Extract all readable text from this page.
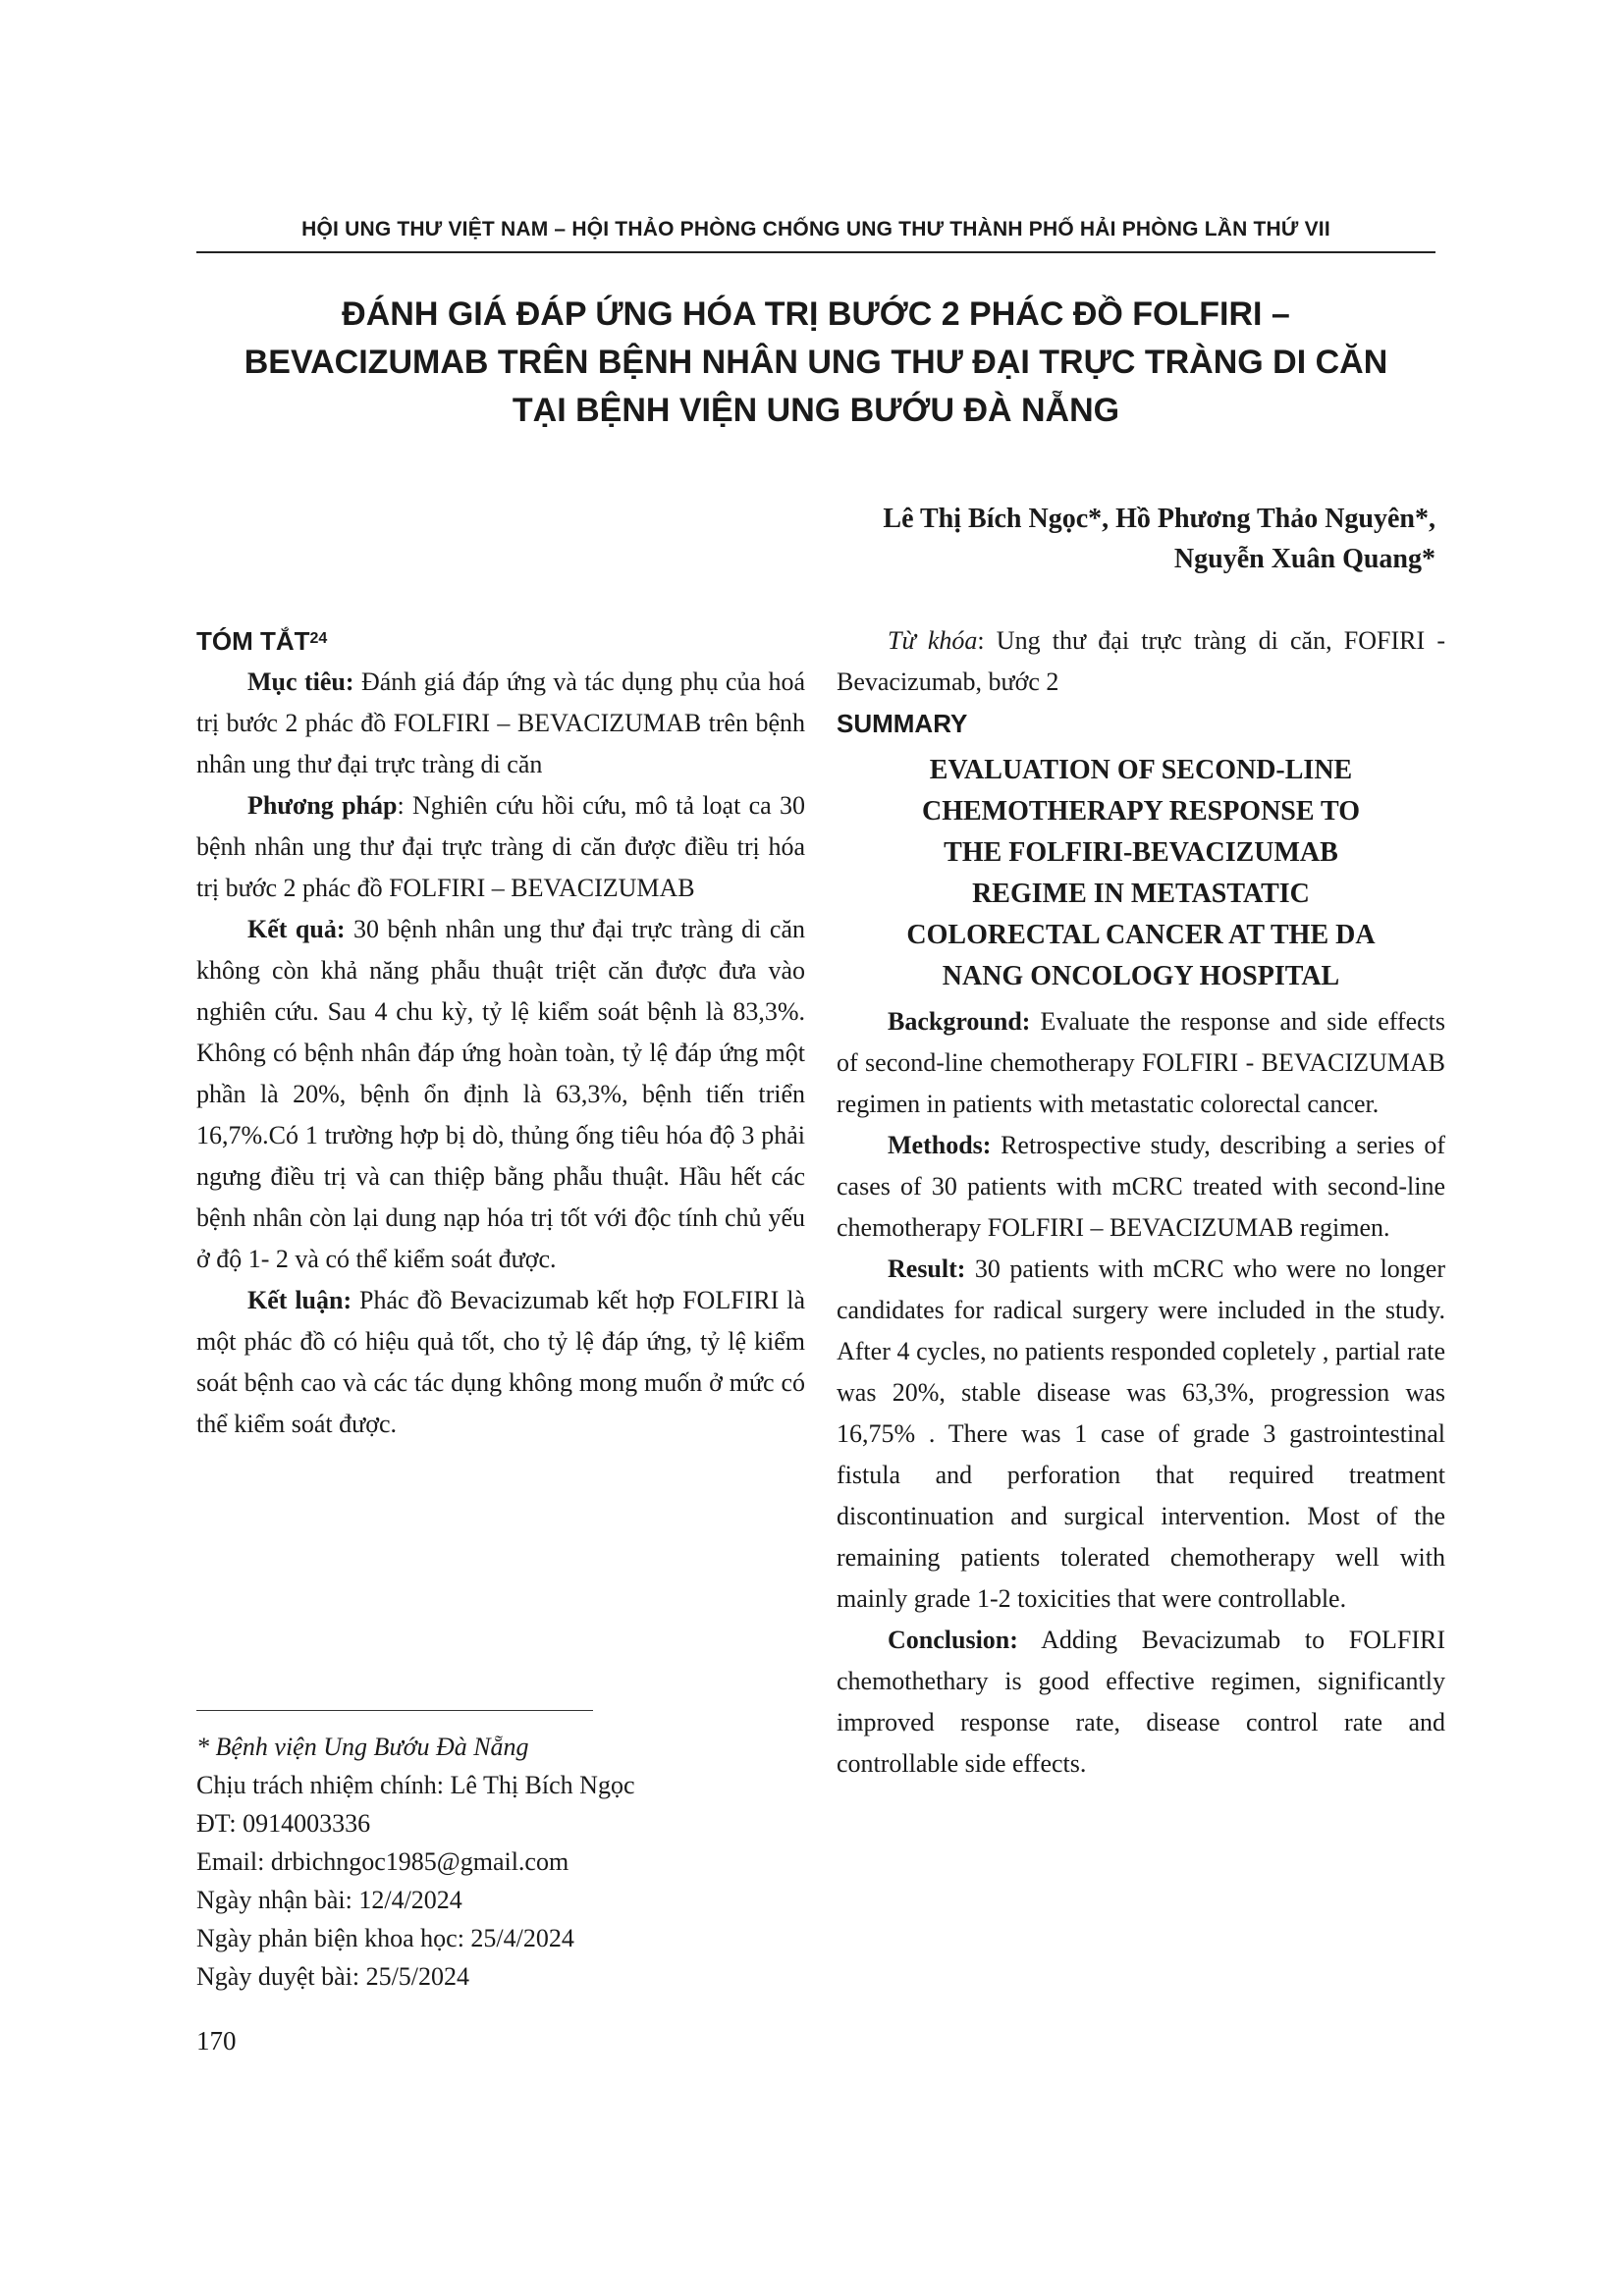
HỘI UNG THƯ VIỆT NAM – HỘI THẢO PHÒNG CHỐNG UNG THƯ THÀNH PHỐ HẢI PHÒNG LẦN THỨ VII
ĐÁNH GIÁ ĐÁP ỨNG HÓA TRỊ BƯỚC 2 PHÁC ĐỒ FOLFIRI –
BEVACIZUMAB TRÊN BỆNH NHÂN UNG THƯ ĐẠI TRỰC TRÀNG DI CĂN
TẠI BỆNH VIỆN UNG BƯỚU ĐÀ NẴNG
Lê Thị Bích Ngọc*, Hồ Phương Thảo Nguyên*,
Nguyễn Xuân Quang*
TÓM TẮT$^{24}$

Mục tiêu: Đánh giá đáp ứng và tác dụng phụ của hoá trị bước 2 phác đồ FOLFIRI – BEVACIZUMAB trên bệnh nhân ung thư đại trực tràng di căn

Phương pháp: Nghiên cứu hồi cứu, mô tả loạt ca 30 bệnh nhân ung thư đại trực tràng di căn được điều trị hóa trị bước 2 phác đồ FOLFIRI – BEVACIZUMAB

Kết quả: 30 bệnh nhân ung thư đại trực tràng di căn không còn khả năng phẫu thuật triệt căn được đưa vào nghiên cứu. Sau 4 chu kỳ, tỷ lệ kiểm soát bệnh là 83,3%. Không có bệnh nhân đáp ứng hoàn toàn, tỷ lệ đáp ứng một phần là 20%, bệnh ổn định là 63,3%, bệnh tiến triển 16,7%.Có 1 trường hợp bị dò, thủng ống tiêu hóa độ 3 phải ngưng điều trị và can thiệp bằng phẫu thuật. Hầu hết các bệnh nhân còn lại dung nạp hóa trị tốt với độc tính chủ yếu ở độ 1- 2 và có thể kiểm soát được.

Kết luận: Phác đồ Bevacizumab kết hợp FOLFIRI là một phác đồ có hiệu quả tốt, cho tỷ lệ đáp ứng, tỷ lệ kiểm soát bệnh cao và các tác dụng không mong muốn ở mức có thể kiểm soát được.

Từ khóa: Ung thư đại trực tràng di căn, FOFIRI - Bevacizumab, bước 2

SUMMARY
EVALUATION OF SECOND-LINE
CHEMOTHERAPY RESPONSE TO
THE FOLFIRI-BEVACIZUMAB
REGIME IN METASTATIC
COLORECTAL CANCER AT THE DA
NANG ONCOLOGY HOSPITAL

Background: Evaluate the response and side effects of second-line chemotherapy FOLFIRI - BEVACIZUMAB regimen in patients with metastatic colorectal cancer.

Methods: Retrospective study, describing a series of cases of 30 patients with mCRC treated with second-line chemotherapy FOLFIRI – BEVACIZUMAB regimen.

Result: 30 patients with mCRC who were no longer candidates for radical surgery were included in the study. After 4 cycles, no patients responded copletely , partial rate was 20%, stable disease was 63,3%, progression was 16,75% . There was 1 case of grade 3 gastrointestinal fistula and perforation that required treatment discontinuation and surgical intervention. Most of the remaining patients tolerated chemotherapy well with mainly grade 1-2 toxicities that were controllable.

Conclusion: Adding Bevacizumab to FOLFIRI chemothethary is good effective regimen, significantly improved response rate, disease control rate and controllable side effects.

* Bệnh viện Ung Bướu Đà Nẵng
Chịu trách nhiệm chính: Lê Thị Bích Ngọc
ĐT: 0914003336
Email: drbichngoc1985@gmail.com
Ngày nhận bài: 12/4/2024
Ngày phản biện khoa học: 25/4/2024
Ngày duyệt bài: 25/5/2024
170
